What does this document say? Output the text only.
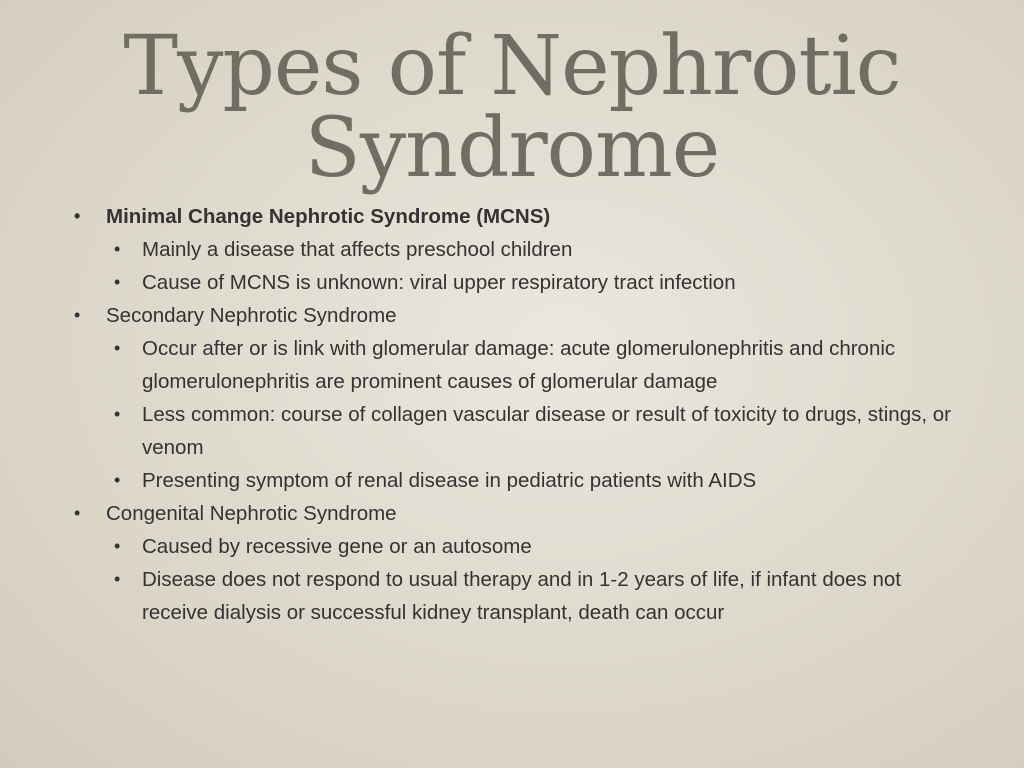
Types of Nephrotic
Syndrome
• Minimal Change Nephrotic Syndrome (MCNS)
• Mainly a disease that affects preschool children
• Cause of MCNS is unknown: viral upper respiratory tract infection
• Secondary Nephrotic Syndrome
• Occur after or is link with glomerular damage: acute glomerulonephritis and chronic glomerulonephritis are prominent causes of glomerular damage
• Less common: course of collagen vascular disease or result of toxicity to drugs, stings, or venom
• Presenting symptom of renal disease in pediatric patients with AIDS
• Congenital Nephrotic Syndrome
• Caused by recessive gene or an autosome
• Disease does not respond to usual therapy and in 1-2 years of life, if infant does not receive dialysis or successful kidney transplant, death can occur
